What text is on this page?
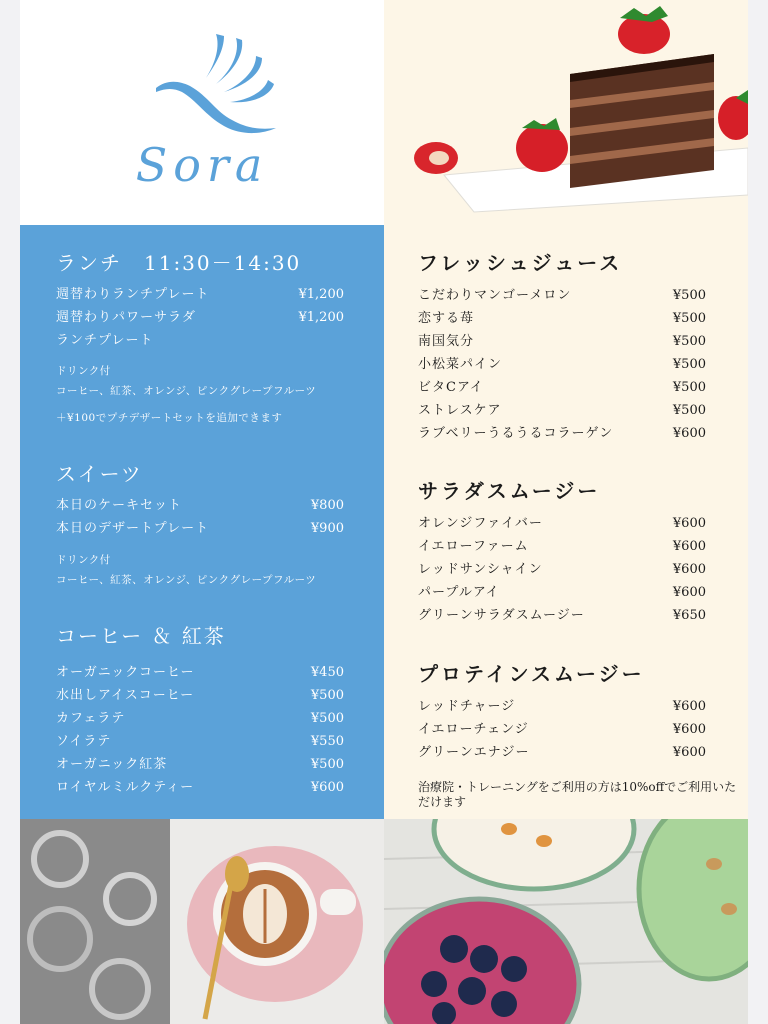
Sora
ランチ　11:30－14:30
週替わりランチプレート	¥1,200
週替わりパワーサラダ	¥1,200
ランチプレート
ドリンク付
コーヒー、紅茶、オレンジ、ピンクグレープフルーツ
＋¥100でプチデザートセットを追加できます
スイーツ
本日のケーキセット	¥800
本日のデザートプレート	¥900
ドリンク付
コーヒー、紅茶、オレンジ、ピンクグレープフルーツ
コーヒー ＆ 紅茶
オーガニックコーヒー	¥450
水出しアイスコーヒー	¥500
カフェラテ	¥500
ソイラテ	¥550
オーガニック紅茶	¥500
ロイヤルミルクティー	¥600
フレッシュジュース
こだわりマンゴーメロン	¥500
恋する苺	¥500
南国気分	¥500
小松菜パイン	¥500
ビタCアイ	¥500
ストレスケア	¥500
ラブベリーうるうるコラーゲン	¥600
サラダスムージー
オレンジファイバー	¥600
イエローファーム	¥600
レッドサンシャイン	¥600
パープルアイ	¥600
グリーンサラダスムージー	¥650
プロテインスムージー
レッドチャージ	¥600
イエローチェンジ	¥600
グリーンエナジー	¥600
治療院・トレーニングをご利用の方は10%offでご利用いただけます
